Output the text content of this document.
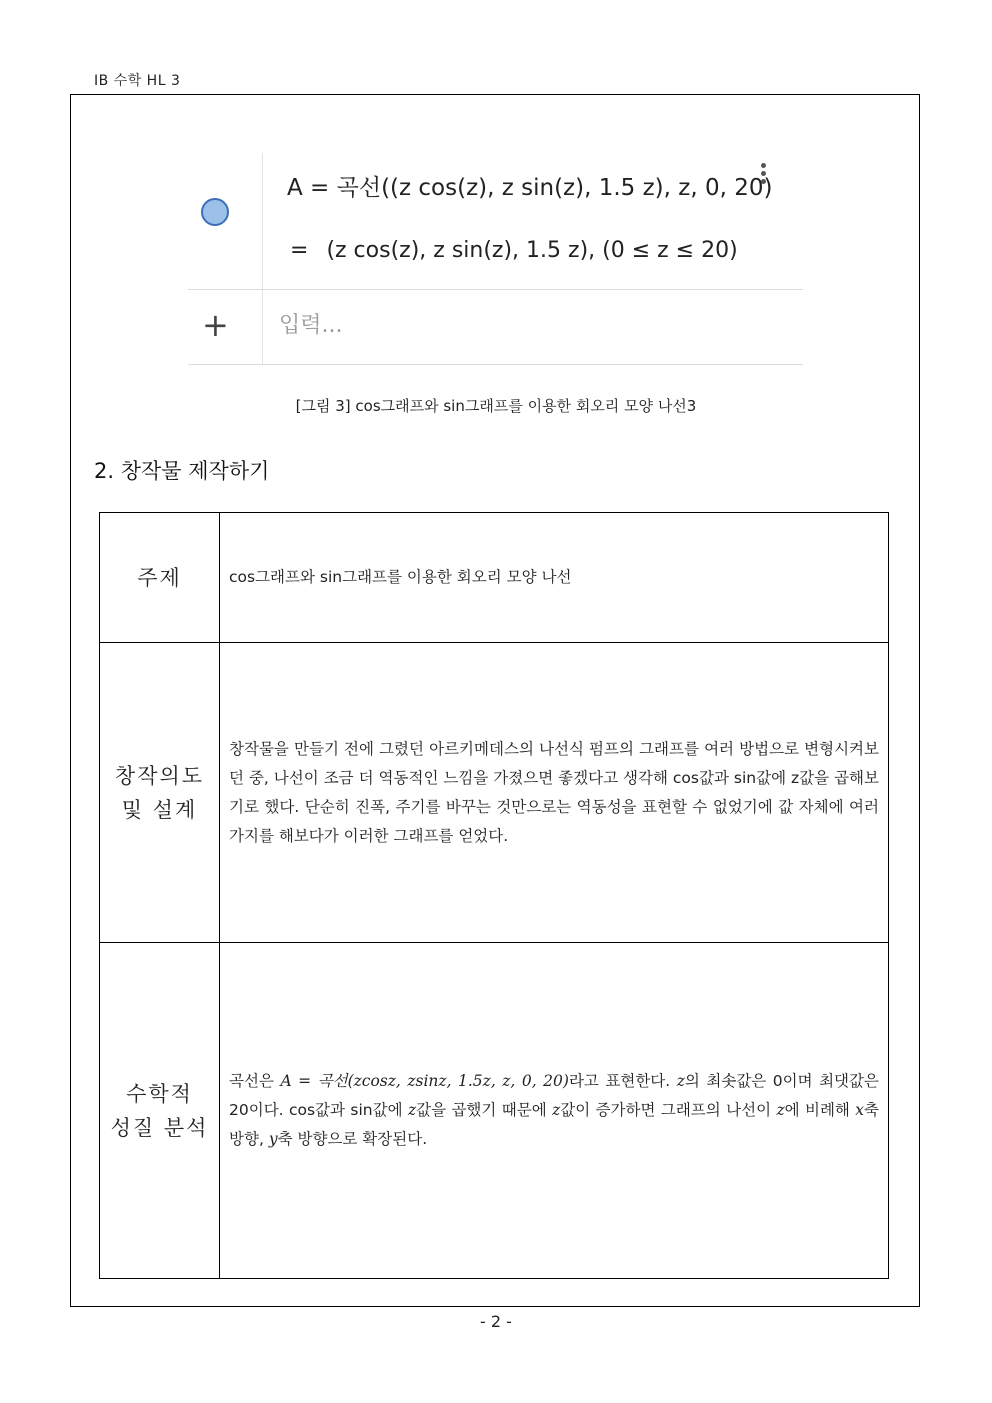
IB 수학 HL 3
A = 곡선((z cos(z), z sin(z), 1.5 z), z, 0, 20)
= (z cos(z), z sin(z), 1.5 z), (0 ≤ z ≤ 20)
+ 입력...
[그림 3] cos그래프와 sin그래프를 이용한 회오리 모양 나선3
2. 창작물 제작하기
주제	cos그래프와 sin그래프를 이용한 회오리 모양 나선

창작의도
및 설계	창작물을 만들기 전에 그렸던 아르키메데스의 나선식 펌프의 그래프를 여러 방법으로 변형시켜보던 중, 나선이 조금 더 역동적인 느낌을 가졌으면 좋겠다고 생각해 cos값과 sin값에 z값을 곱해보기로 했다. 단순히 진폭, 주기를 바꾸는 것만으로는 역동성을 표현할 수 없었기에 값 자체에 여러 가지를 해보다가 이러한 그래프를 얻었다.

수학적
성질 분석	곡선은 A = 곡선(zcosz, zsinz, 1.5z, z, 0, 20)라고 표현한다. z의 최솟값은 0이며 최댓값은 20이다. cos값과 sin값에 z값을 곱했기 때문에 z값이 증가하면 그래프의 나선이 z에 비례해 x축 방향, y축 방향으로 확장된다.
- 2 -
